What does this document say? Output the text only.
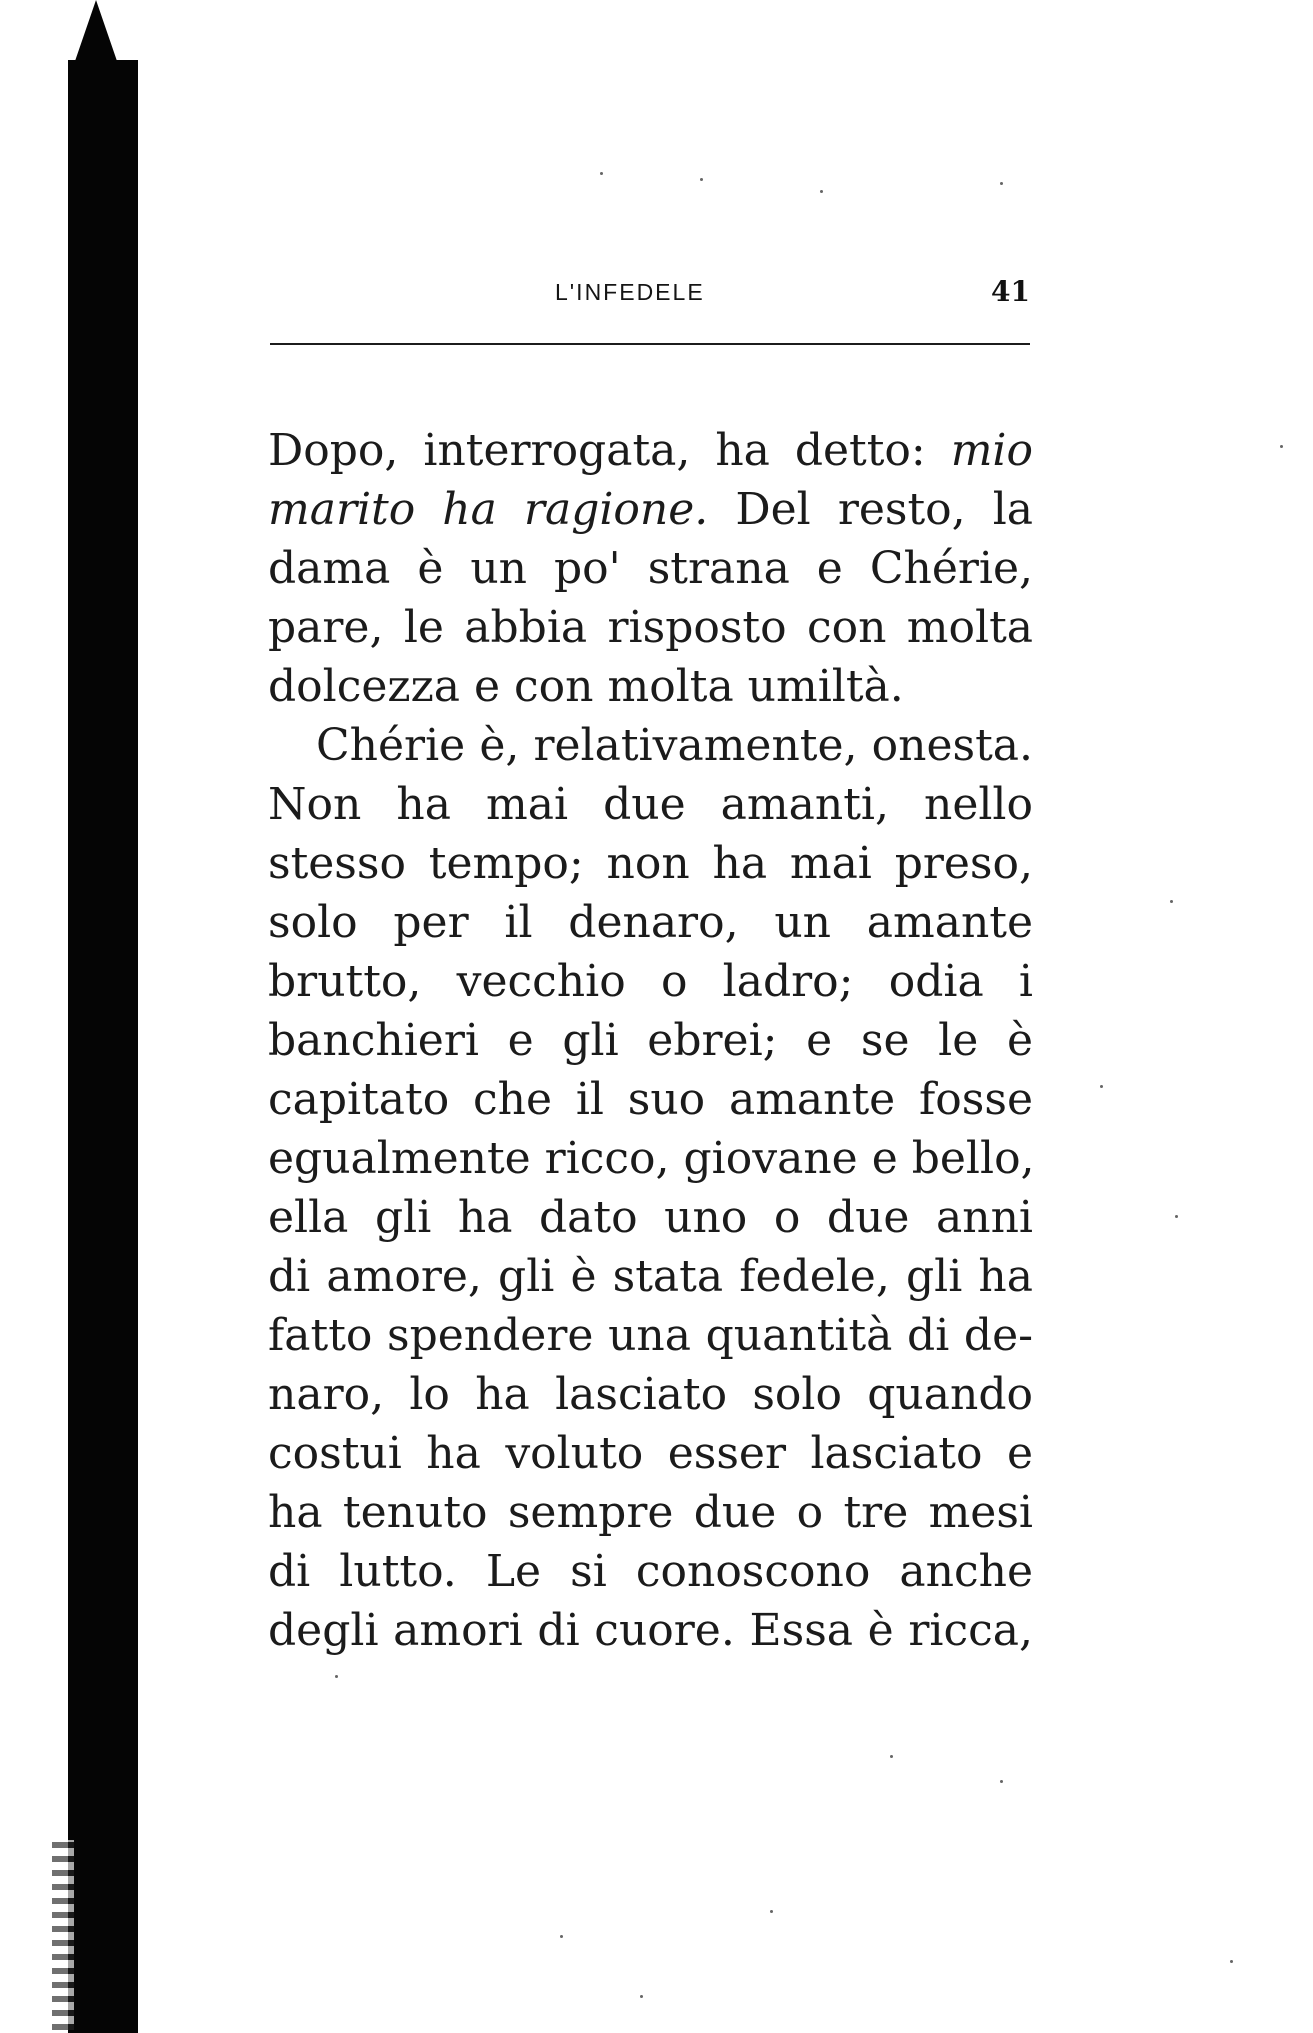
L'INFEDELE	41
Dopo, interrogata, ha detto: mio
marito ha ragione. Del resto, la
dama è un po' strana e Chérie,
pare, le abbia risposto con molta
dolcezza e con molta umiltà.
Chérie è, relativamente, onesta.
Non ha mai due amanti, nello
stesso tempo; non ha mai preso,
solo per il denaro, un amante
brutto, vecchio o ladro; odia i
banchieri e gli ebrei; e se le è
capitato che il suo amante fosse
egualmente ricco, giovane e bello,
ella gli ha dato uno o due anni
di amore, gli è stata fedele, gli ha
fatto spendere una quantità di de-
naro, lo ha lasciato solo quando
costui ha voluto esser lasciato e
ha tenuto sempre due o tre mesi
di lutto. Le si conoscono anche
degli amori di cuore. Essa è ricca,
